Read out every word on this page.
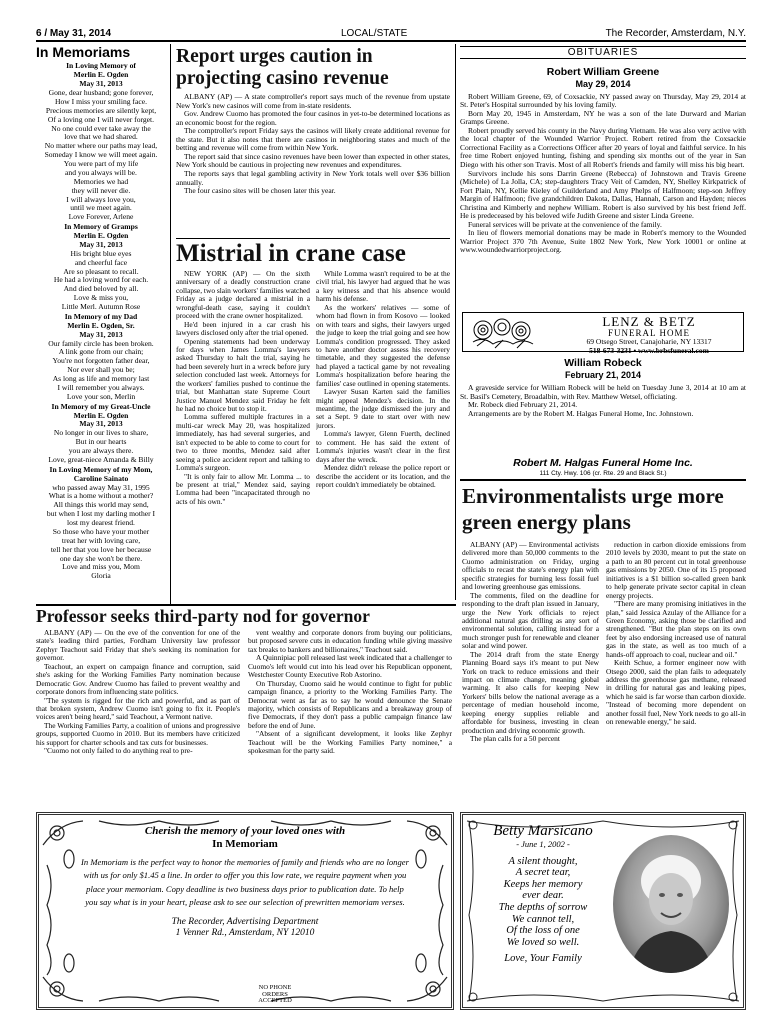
6 / May 31, 2014	LOCAL/STATE	The Recorder, Amsterdam, N.Y.
In Memoriams
In Loving Memory of
Merlin E. Ogden
May 31, 2013
Gone, dear husband; gone forever,
How I miss your smiling face.
Precious memories are silently kept,
Of a loving one I will never forget.
No one could ever take away the
love that we had shared.
No matter where our paths may lead,
Someday I know we will meet again.
You were part of my life
and you always will be.
Memories we had
they will never die.
I will always love you,
until we meet again.
Love Forever, Arlene
In Memory of Gramps
Merlin E. Ogden
May 31, 2013
His bright blue eyes
and cheerful face
Are so pleasant to recall.
He had a loving word for each.
And died beloved by all.
Love & miss you,
Little Merl. Autumn Rose
In Memory of my Dad
Merlin E. Ogden, Sr.
May 31, 2013
Our family circle has been broken.
A link gone from our chain;
You're not forgotten father dear,
Nor ever shall you be;
As long as life and memory last
I will remember you always.
Love your son, Merlin
In Memory of my Great-Uncle
Merlin E. Ogden
May 31, 2013
No longer in our lives to share,
But in our hearts
you are always there.
Love, great-niece Amanda & Billy
In Loving Memory of my Mom,
Caroline Sainato
who passed away May 31, 1995
What is a home without a mother?
All things this world may send,
but when I lost my darling mother I
lost my dearest friend.
So those who have your mother
treat her with loving care,
tell her that you love her because
one day she won't be there.
Love and miss you, Mom
Gloria
Report urges caution in projecting casino revenue
ALBANY (AP) — A state comptroller's report says much of the revenue from upstate New York's new casinos will come from in-state residents.
Gov. Andrew Cuomo has promoted the four casinos in yet-to-be determined locations as an economic boost for the region.
The comptroller's report Friday says the casinos will likely create additional revenue for the state. But it also notes that there are casinos in neighboring states and much of the betting and revenue will come from within New York.
The report said that since casino revenues have been lower than expected in other states, New York should be cautious in projecting new revenues and expenditures.
The reports says that legal gambling activity in New York totals well over $36 billion annually.
The four casino sites will be chosen later this year.
Mistrial in crane case
NEW YORK (AP) — On the sixth anniversary of a deadly construction crane collapse, two slain workers' families watched Friday as a judge declared a mistrial in a wrongful-death case, saying it couldn't proceed with the crane owner hospitalized.
He'd been injured in a car crash his lawyers disclosed only after the trial opened.
Opening statements had been underway for days when James Lomma's lawyers asked Thursday to halt the trial, saying he had been severely hurt in a wreck before jury selection concluded last week. Attorneys for the workers' families pushed to continue the trial, but Manhattan state Supreme Court Justice Manuel Mendez said Friday he felt he had no choice but to stop it.
Lomma suffered multiple fractures in a multi-car wreck May 20, was hospitalized immediately, has had several surgeries, and isn't expected to be able to come to court for two to three months, Mendez said after seeing a police accident report and talking to Lomma's surgeon.
"It is only fair to allow Mr. Lomma ... to be present at trial," Mendez said, saying Lomma had been "incapacitated through no acts of his own."
While Lomma wasn't required to be at the civil trial, his lawyer had argued that he was a key witness and that his absence would harm his defense.
As the workers' relatives — some of whom had flown in from Kosovo — looked on with tears and sighs, their lawyers urged the judge to keep the trial going and see how Lomma's condition progressed. They asked to have another doctor assess his recovery timetable, and they suggested the defense had played a tactical game by not revealing Lomma's hospitalization before hearing the families' case outlined in opening statements.
Lawyer Susan Karten said the families might appeal Mendez's decision. In the meantime, the judge dismissed the jury and set a Sept. 9 date to start over with new jurors.
Lomma's lawyer, Glenn Fuerth, declined to comment. He has said the extent of Lomma's injuries wasn't clear in the first days after the wreck.
Mendez didn't release the police report or describe the accident or its location, and the report couldn't immediately be obtained.
OBITUARIES
Robert William Greene
May 29, 2014
Robert William Greene, 69, of Coxsackie, NY passed away on Thursday, May 29, 2014 at St. Peter's Hospital surrounded by his loving family.
Born May 20, 1945 in Amsterdam, NY he was a son of the late Durward and Marian Gramps Greene.
Robert proudly served his county in the Navy during Vietnam. He was also very active with the local chapter of the Wounded Warrior Project. Robert retired from the Coxsackie Correctional Facility as a Corrections Officer after 20 years of loyal and faithful service. In his free time Robert enjoyed hunting, fishing and spending six months out of the year in San Diego with his other son Travis. Most of all Robert's friends and family will miss his big heart.
Survivors include his sons Darrin Greene (Rebecca) of Johnstown and Travis Greene (Michele) of La Jolla, CA; step-daughters Tracy Veit of Camden, NY, Shelley Kirkpatrick of Fort Plain, NY, Kellie Kieley of Guilderland and Amy Phelps of Halfmoon; step-son Jeffrey Margin of Halfmoon; five grandchildren Dakota, Dallas, Hannah, Carson and Hayden; nieces Christina and Kimberly and nephew William. Robert is also survived by his best friend Jeff. He is predeceased by his beloved wife Judith Greene and sister Linda Greene.
Funeral services will be private at the convenience of the family.
In lieu of flowers memorial donations may be made in Robert's memory to the Wounded Warrior Project 370 7th Avenue, Suite 1802 New York, New York 10001 or online at www.woundedwarriorproject.org.
LENZ & BETZ
FUNERAL HOME
69 Otsego Street, Canajoharie, NY 13317
518-673-3231 • www.brbsfuneral.com
William Robeck
February 21, 2014
A graveside service for William Robeck will be held on Tuesday June 3, 2014 at 10 am at St. Basil's Cemetery, Broadalbin, with Rev. Matthew Wetsel, officiating.
Mr. Robeck died February 21, 2014.
Arrangements are by the Robert M. Halgas Funeral Home, Inc. Johnstown.
Robert M. Halgas Funeral Home Inc.
111 Cty. Hwy. 106 (cr. Rte. 29 and Black St.)
Environmentalists urge more green energy plans
ALBANY (AP) — Environmental activists delivered more than 50,000 comments to the Cuomo administration on Friday, urging officials to recast the state's energy plan with specific strategies for burning less fossil fuel and lowering greenhouse gas emissions.
The comments, filed on the deadline for responding to the draft plan issued in January, urge the New York officials to reject additional natural gas drilling as any sort of environmental solution, calling instead for a much stronger push for renewable and cleaner solar and wind power.
The 2014 draft from the state Energy Planning Board says it's meant to put New York on track to reduce emissions and their impact on climate change, meaning global warming. It also calls for keeping New Yorkers' bills below the national average as a percentage of median household income, keeping energy supplies reliable and affordable for business, investing in clean production and driving economic growth.
The plan calls for a 50 percent
reduction in carbon dioxide emissions from 2010 levels by 2030, meant to put the state on a path to an 80 percent cut in total greenhouse gas emissions by 2050. One of its 15 proposed initiatives is a $1 billion so-called green bank to help generate private sector capital in clean energy projects.
"There are many promising initiatives in the plan," said Jessica Azulay of the Alliance for a Green Economy, asking those be clarified and strengthened. "But the plan steps on its own feet by also endorsing increased use of natural gas in the state, as well as too much of a hands-off approach to coal, nuclear and oil."
Keith Schue, a former engineer now with Otsego 2000, said the plan fails to adequately address the greenhouse gas methane, released in drilling for natural gas and leaking pipes, which he said is far worse than carbon dioxide. "Instead of becoming more dependent on another fossil fuel, New York needs to go all-in on renewable energy," he said.
Professor seeks third-party nod for governor
ALBANY (AP) — On the eve of the convention for one of the state's leading third parties, Fordham University law professor Zephyr Teachout said Friday that she's seeking its nomination for governor.
Teachout, an expert on campaign finance and corruption, said she's asking for the Working Families Party nomination because Democratic Gov. Andrew Cuomo has failed to prevent wealthy and corporate donors from influencing state politics.
"The system is rigged for the rich and powerful, and as part of that broken system, Andrew Cuomo isn't going to fix it. People's voices aren't being heard," said Teachout, a Vermont native.
The Working Families Party, a coalition of unions and progressive groups, supported Cuomo in 2010. But its members have criticized his support for charter schools and tax cuts for businesses.
"Cuomo not only failed to do anything real to pre-
vent wealthy and corporate donors from buying our politicians, but proposed severe cuts in education funding while giving massive tax breaks to bankers and billionaires," Teachout said.
A Quinnipiac poll released last week indicated that a challenger to Cuomo's left would cut into his lead over his Republican opponent, Westchester County Executive Rob Astorino.
On Thursday, Cuomo said he would continue to fight for public campaign finance, a priority to the Working Families Party. The Democrat went as far as to say he would denounce the Senate majority, which consists of Republicans and a breakaway group of five Democrats, if they don't pass a public campaign finance law before the end of June.
"Absent of a significant development, it looks like Zephyr Teachout will be the Working Families Party nominee," a spokesman for the party said.
Cherish the memory of your loved ones with
In Memoriam
In Memoriam is the perfect way to honor the memories of family and friends who are no longer with us for only $1.45 a line. In order to offer you this low rate, we require payment when you place your memoriam. Copy deadline is two business days prior to publication date. To help you say what is in your heart, please ask to see our selection of prewritten memoriam verses.
The Recorder, Advertising Department
1 Venner Rd., Amsterdam, NY 12010
NO PHONE
ORDERS
ACCEPTED
Betty Marsicano
- June 1, 2002 -
A silent thought,
A secret tear,
Keeps her memory
ever dear.
The depths of sorrow
We cannot tell,
Of the loss of one
We loved so well.
Love, Your Family
